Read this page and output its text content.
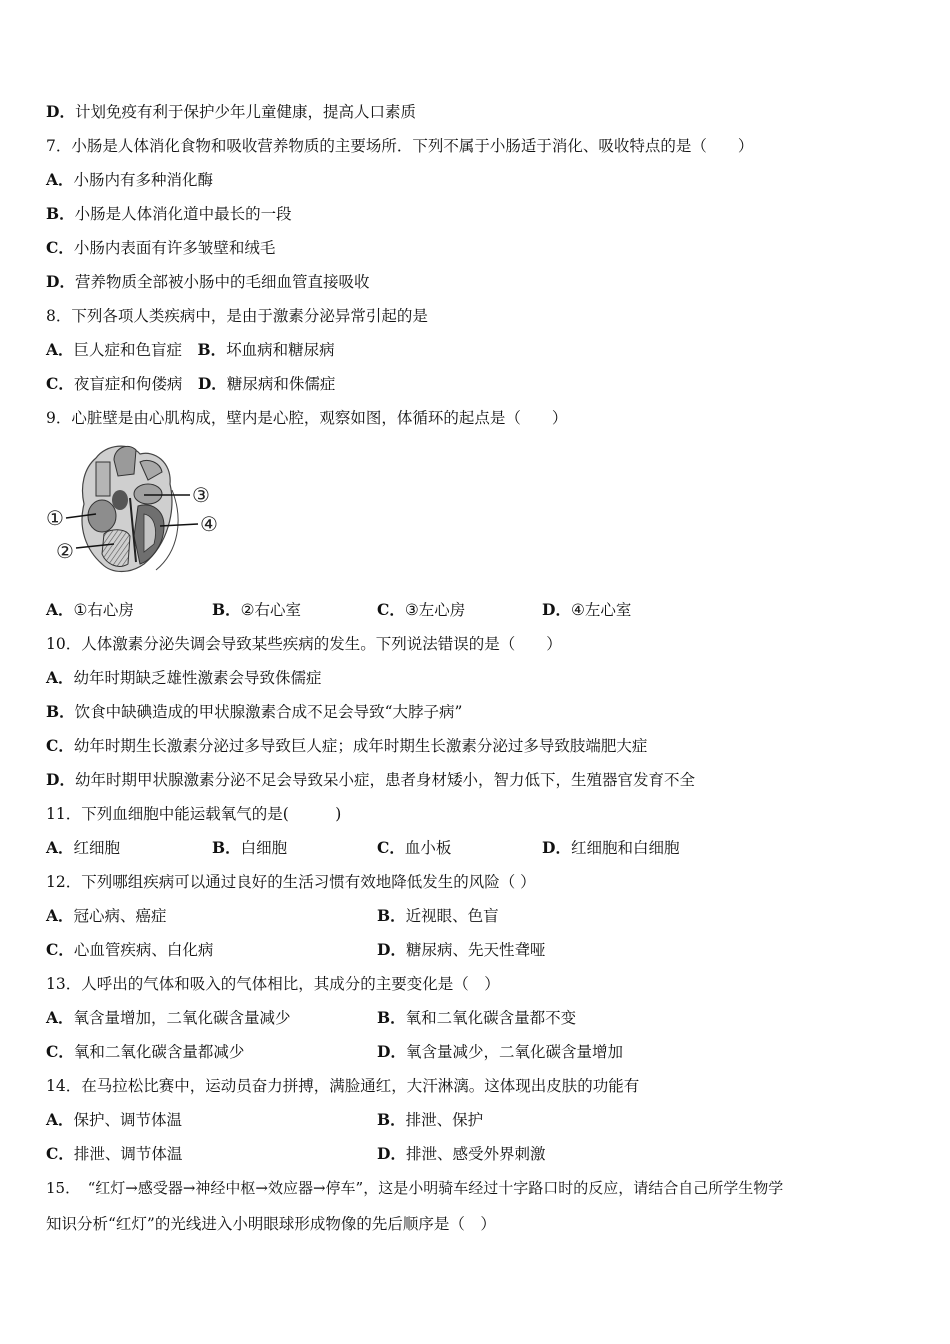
D．计划免疫有利于保护少年儿童健康，提高人口素质
7．小肠是人体消化食物和吸收营养物质的主要场所．下列不属于小肠适于消化、吸收特点的是（　　）
A．小肠内有多种消化酶
B．小肠是人体消化道中最长的一段
C．小肠内表面有许多皱壁和绒毛
D．营养物质全部被小肠中的毛细血管直接吸收
8．下列各项人类疾病中，是由于激素分泌异常引起的是
A．巨人症和色盲症　B．坏血病和糖尿病
C．夜盲症和佝偻病　D．糖尿病和侏儒症
9．心脏壁是由心肌构成，壁内是心腔，观察如图，体循环的起点是（　　）
①
②
③
④
A．①右心房	B．②右心室	C．③左心房	D．④左心室
10．人体激素分泌失调会导致某些疾病的发生。下列说法错误的是（　　）
A．幼年时期缺乏雄性激素会导致侏儒症
B．饮食中缺碘造成的甲状腺激素合成不足会导致“大脖子病”
C．幼年时期生长激素分泌过多导致巨人症；成年时期生长激素分泌过多导致肢端肥大症
D．幼年时期甲状腺激素分泌不足会导致呆小症，患者身材矮小，智力低下，生殖器官发育不全
11．下列血细胞中能运载氧气的是(　　　)
A．红细胞	B．白细胞	C．血小板	D．红细胞和白细胞
12．下列哪组疾病可以通过良好的生活习惯有效地降低发生的风险（ ）
A．冠心病、癌症	B．近视眼、色盲
C．心血管疾病、白化病	D．糖尿病、先天性聋哑
13．人呼出的气体和吸入的气体相比，其成分的主要变化是（　）
A．氧含量增加，二氧化碳含量减少	B．氧和二氧化碳含量都不变
C．氧和二氧化碳含量都减少	D．氧含量减少，二氧化碳含量增加
14．在马拉松比赛中，运动员奋力拼搏，满脸通红，大汗淋漓。这体现出皮肤的功能有
A．保护、调节体温	B．排泄、保护
C．排泄、调节体温	D．排泄、感受外界刺激
15．　“红灯→感受器→神经中枢→效应器→停车”，这是小明骑车经过十字路口时的反应，请结合自己所学生物学
知识分析“红灯”的光线进入小明眼球形成物像的先后顺序是（　）
